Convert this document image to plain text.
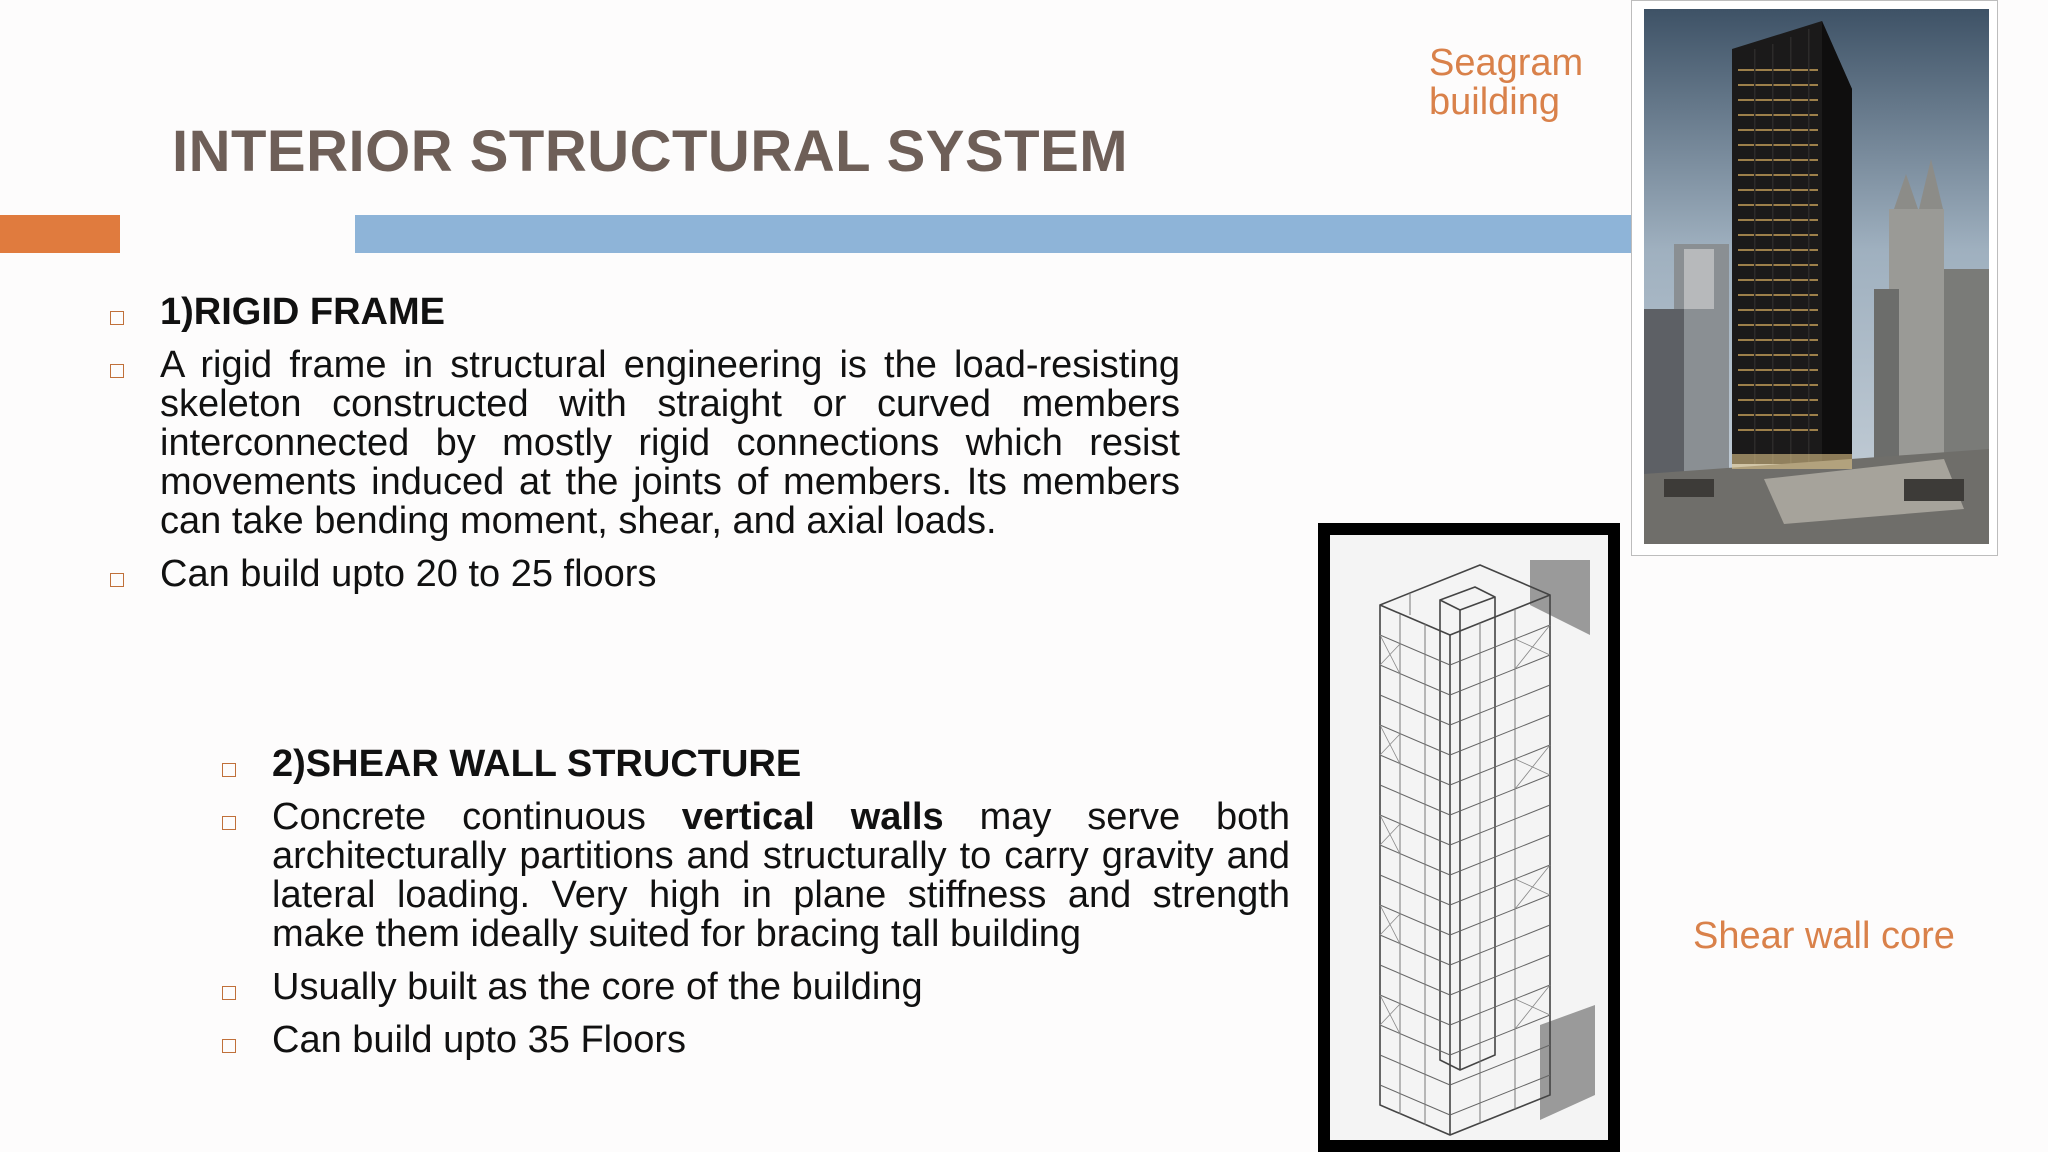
INTERIOR STRUCTURAL SYSTEM
1)RIGID FRAME
A rigid frame in structural engineering is the load-resisting skeleton constructed with straight or curved members interconnected by mostly rigid connections which resist movements induced at the joints of members. Its members can take bending moment, shear, and axial loads.
Can build upto 20 to 25 floors
2)SHEAR WALL STRUCTURE
Concrete continuous vertical walls may serve both architecturally partitions and structurally to carry gravity and lateral loading. Very high in plane stiffness and strength make them ideally suited for bracing tall building
Usually built as the core of the building
Can build upto 35 Floors
Seagram building
Shear wall core
